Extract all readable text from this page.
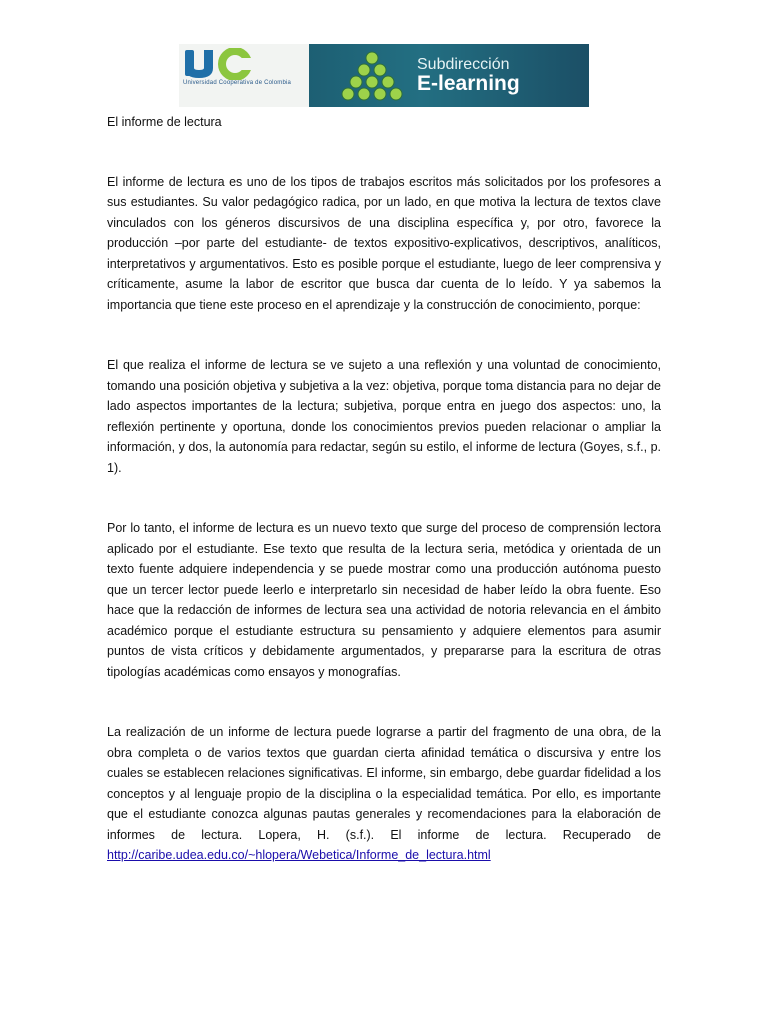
Universidad Cooperativa de Colombia
Subdirección
E-learning

El informe de lectura

El informe de lectura es uno de los tipos de trabajos escritos más solicitados por los profesores a sus estudiantes. Su valor pedagógico radica, por un lado, en que motiva la lectura de textos clave vinculados con los géneros discursivos de una disciplina específica y, por otro, favorece la producción –por parte del estudiante- de textos expositivo-explicativos, descriptivos, analíticos, interpretativos y argumentativos. Esto es posible porque el estudiante, luego de leer comprensiva y críticamente, asume la labor de escritor que busca dar cuenta de lo leído. Y ya sabemos la importancia que tiene este proceso en el aprendizaje y la construcción de conocimiento, porque:

El que realiza el informe de lectura se ve sujeto a una reflexión y una voluntad de conocimiento, tomando una posición objetiva y subjetiva a la vez: objetiva, porque toma distancia para no dejar de lado aspectos importantes de la lectura; subjetiva, porque entra en juego dos aspectos: uno, la reflexión pertinente y oportuna, donde los conocimientos previos pueden relacionar o ampliar la información, y dos, la autonomía para redactar, según su estilo, el informe de lectura (Goyes, s.f., p. 1).

Por lo tanto, el informe de lectura es un nuevo texto que surge del proceso de comprensión lectora aplicado por el estudiante. Ese texto que resulta de la lectura seria, metódica y orientada de un texto fuente adquiere independencia y se puede mostrar como una producción autónoma puesto que un tercer lector puede leerlo e interpretarlo sin necesidad de haber leído la obra fuente. Eso hace que la redacción de informes de lectura sea una actividad de notoria relevancia en el ámbito académico porque el estudiante estructura su pensamiento y adquiere elementos para asumir puntos de vista críticos y debidamente argumentados, y prepararse para la escritura de otras tipologías académicas como ensayos y monografías.

La realización de un informe de lectura puede lograrse a partir del fragmento de una obra, de la obra completa o de varios textos que guardan cierta afinidad temática o discursiva y entre los cuales se establecen relaciones significativas. El informe, sin embargo, debe guardar fidelidad a los conceptos y al lenguaje propio de la disciplina o la especialidad temática. Por ello, es importante que el estudiante conozca algunas pautas generales y recomendaciones para la elaboración de informes de lectura. Lopera, H. (s.f.). El informe de lectura. Recuperado de http://caribe.udea.edu.co/~hlopera/Webetica/Informe_de_lectura.html
